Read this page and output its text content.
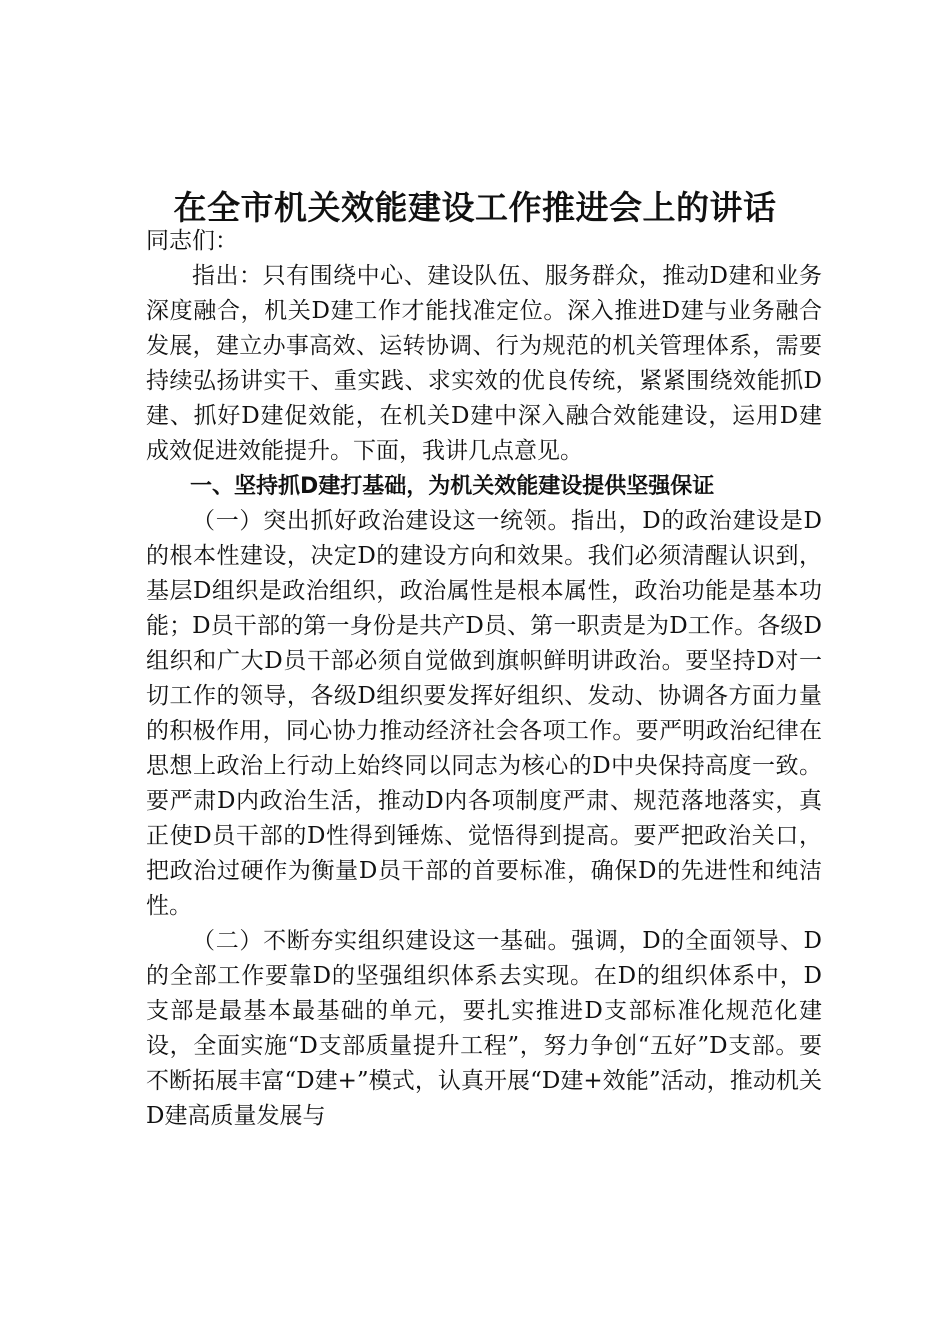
在全市机关效能建设工作推进会上的讲话

同志们：

指出：只有围绕中心、建设队伍、服务群众，推动D建和业务深度融合，机关D建工作才能找准定位。深入推进D建与业务融合发展，建立办事高效、运转协调、行为规范的机关管理体系，需要持续弘扬讲实干、重实践、求实效的优良传统，紧紧围绕效能抓D建、抓好D建促效能，在机关D建中深入融合效能建设，运用D建成效促进效能提升。下面，我讲几点意见。

一、坚持抓D建打基础，为机关效能建设提供坚强保证

（一）突出抓好政治建设这一统领。指出，D的政治建设是D的根本性建设，决定D的建设方向和效果。我们必须清醒认识到，基层D组织是政治组织，政治属性是根本属性，政治功能是基本功能；D员干部的第一身份是共产D员、第一职责是为D工作。各级D组织和广大D员干部必须自觉做到旗帜鲜明讲政治。要坚持D对一切工作的领导，各级D组织要发挥好组织、发动、协调各方面力量的积极作用，同心协力推动经济社会各项工作。要严明政治纪律在思想上政治上行动上始终同以同志为核心的D中央保持高度一致。要严肃D内政治生活，推动D内各项制度严肃、规范落地落实，真正使D员干部的D性得到锤炼、觉悟得到提高。要严把政治关口，把政治过硬作为衡量D员干部的首要标准，确保D的先进性和纯洁性。

（二）不断夯实组织建设这一基础。强调，D的全面领导、D的全部工作要靠D的坚强组织体系去实现。在D的组织体系中，D支部是最基本最基础的单元，要扎实推进D支部标准化规范化建设，全面实施“D支部质量提升工程”，努力争创“五好”D支部。要不断拓展丰富“D建+”模式，认真开展“D建+效能”活动，推动机关D建高质量发展与
